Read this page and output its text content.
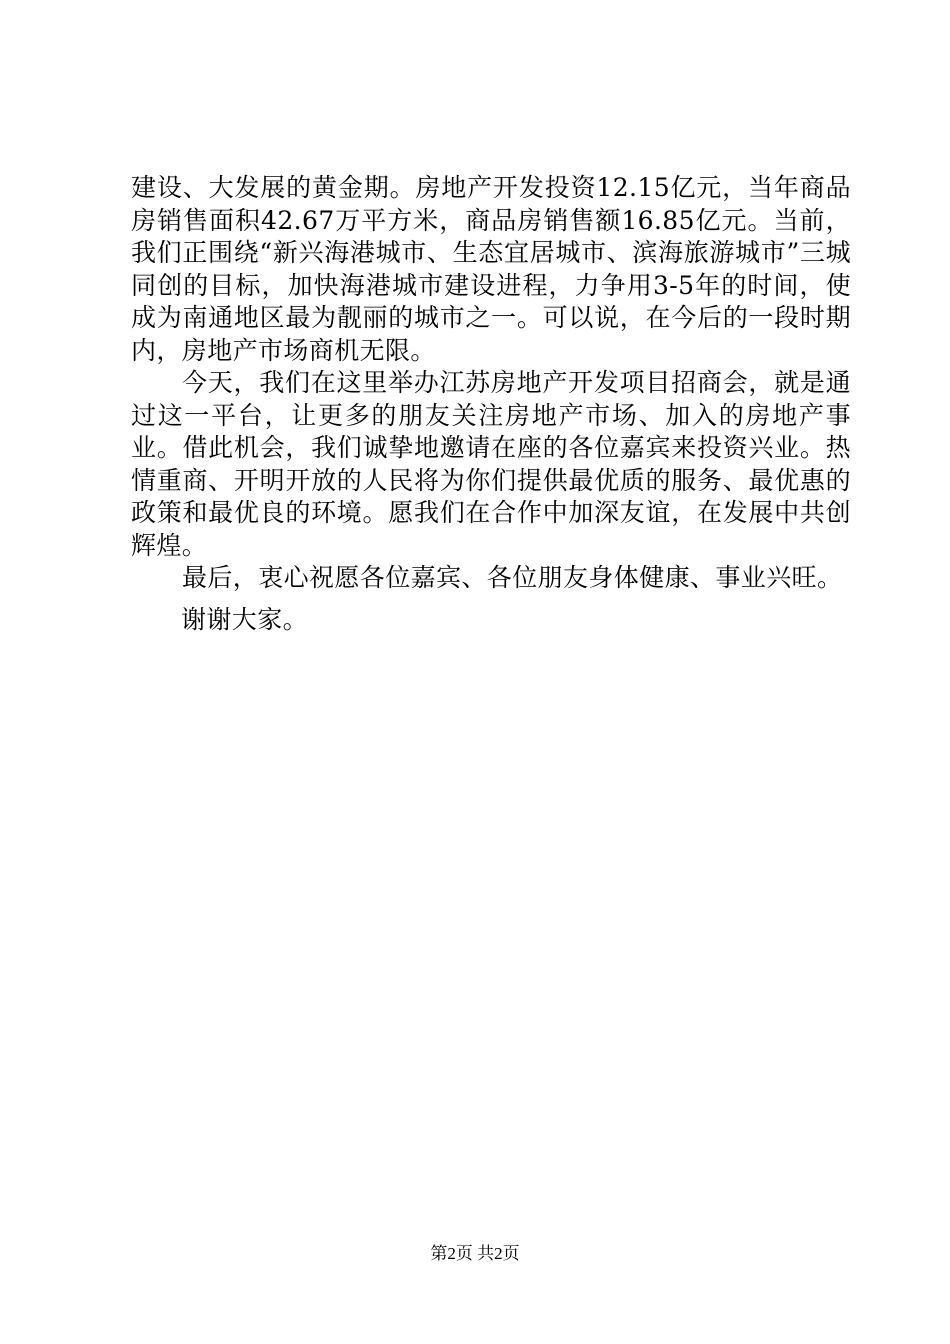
建设、大发展的黄金期。房地产开发投资12.15亿元，当年商品房销售面积42.67万平方米，商品房销售额16.85亿元。当前，我们正围绕“新兴海港城市、生态宜居城市、滨海旅游城市”三城同创的目标，加快海港城市建设进程，力争用3-5年的时间，使成为南通地区最为靓丽的城市之一。可以说，在今后的一段时期内，房地产市场商机无限。

今天，我们在这里举办江苏房地产开发项目招商会，就是通过这一平台，让更多的朋友关注房地产市场、加入的房地产事业。借此机会，我们诚挚地邀请在座的各位嘉宾来投资兴业。热情重商、开明开放的人民将为你们提供最优质的服务、最优惠的政策和最优良的环境。愿我们在合作中加深友谊，在发展中共创辉煌。

最后，衷心祝愿各位嘉宾、各位朋友身体健康、事业兴旺。

谢谢大家。

第2页 共2页
